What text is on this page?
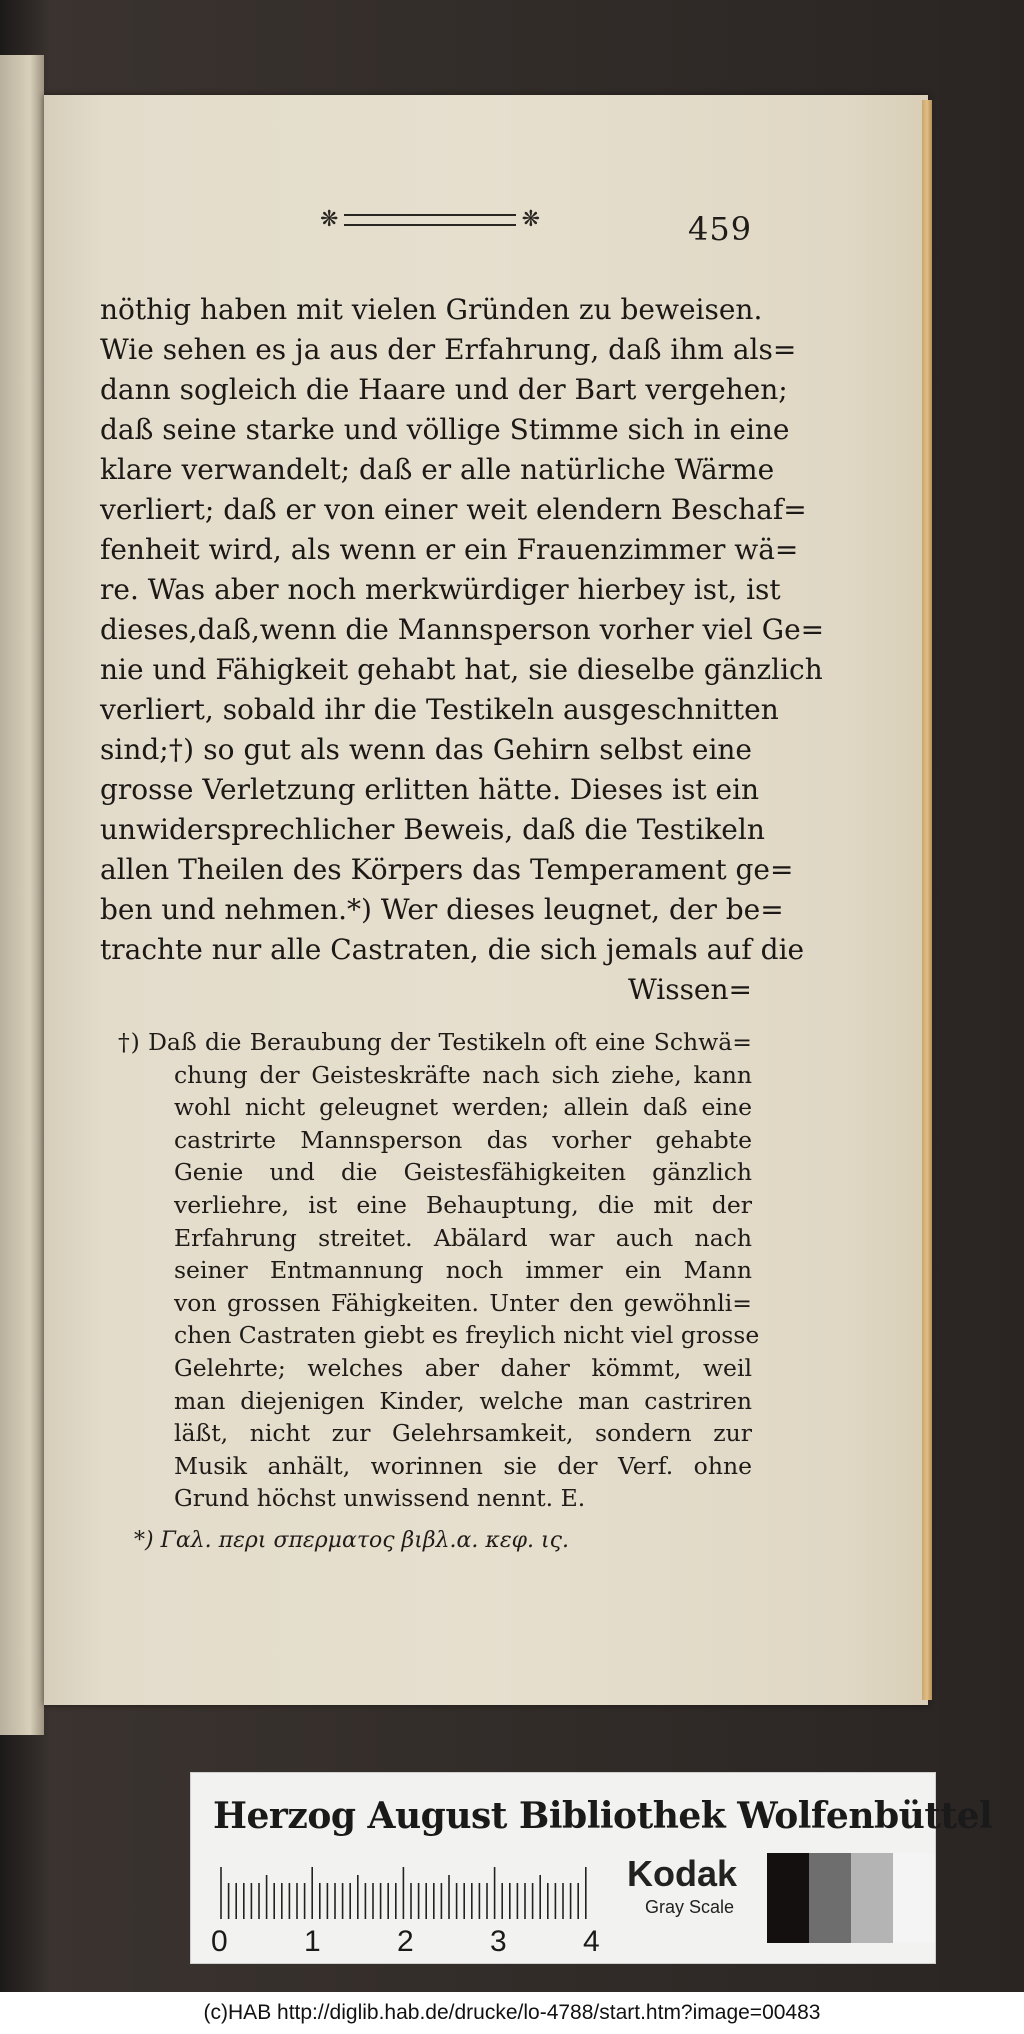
❋	❋	459
nöthig haben mit vielen Gründen zu beweisen.
Wie sehen es ja aus der Erfahrung, daß ihm als=
dann sogleich die Haare und der Bart vergehen;
daß seine starke und völlige Stimme sich in eine
klare verwandelt; daß er alle natürliche Wärme
verliert; daß er von einer weit elendern Beschaf=
fenheit wird, als wenn er ein Frauenzimmer wä=
re. Was aber noch merkwürdiger hierbey ist, ist
dieses,daß,wenn die Mannsperson vorher viel Ge=
nie und Fähigkeit gehabt hat, sie dieselbe gänzlich
verliert, sobald ihr die Testikeln ausgeschnitten
sind;†) so gut als wenn das Gehirn selbst eine
grosse Verletzung erlitten hätte. Dieses ist ein
unwidersprechlicher Beweis, daß die Testikeln
allen Theilen des Körpers das Temperament ge=
ben und nehmen.*) Wer dieses leugnet, der be=
trachte nur alle Castraten, die sich jemals auf die
Wissen=
†) Daß die Beraubung der Testikeln oft eine Schwä=
chung der Geisteskräfte nach sich ziehe, kann
wohl nicht geleugnet werden; allein daß eine
castrirte Mannsperson das vorher gehabte
Genie und die Geistesfähigkeiten gänzlich
verliehre, ist eine Behauptung, die mit der
Erfahrung streitet. Abälard war auch nach
seiner Entmannung noch immer ein Mann
von grossen Fähigkeiten. Unter den gewöhnli=
chen Castraten giebt es freylich nicht viel grosse
Gelehrte; welches aber daher kömmt, weil
man diejenigen Kinder, welche man castriren
läßt, nicht zur Gelehrsamkeit, sondern zur
Musik anhält, worinnen sie der Verf. ohne
Grund höchst unwissend nennt. E.
*) Γαλ. περι σπερματος βιβλ.α. κεφ. ις.
Herzog August Bibliothek Wolfenbüttel
0	1	2	3	4
Kodak
Gray Scale
(c)HAB http://diglib.hab.de/drucke/lo-4788/start.htm?image=00483
